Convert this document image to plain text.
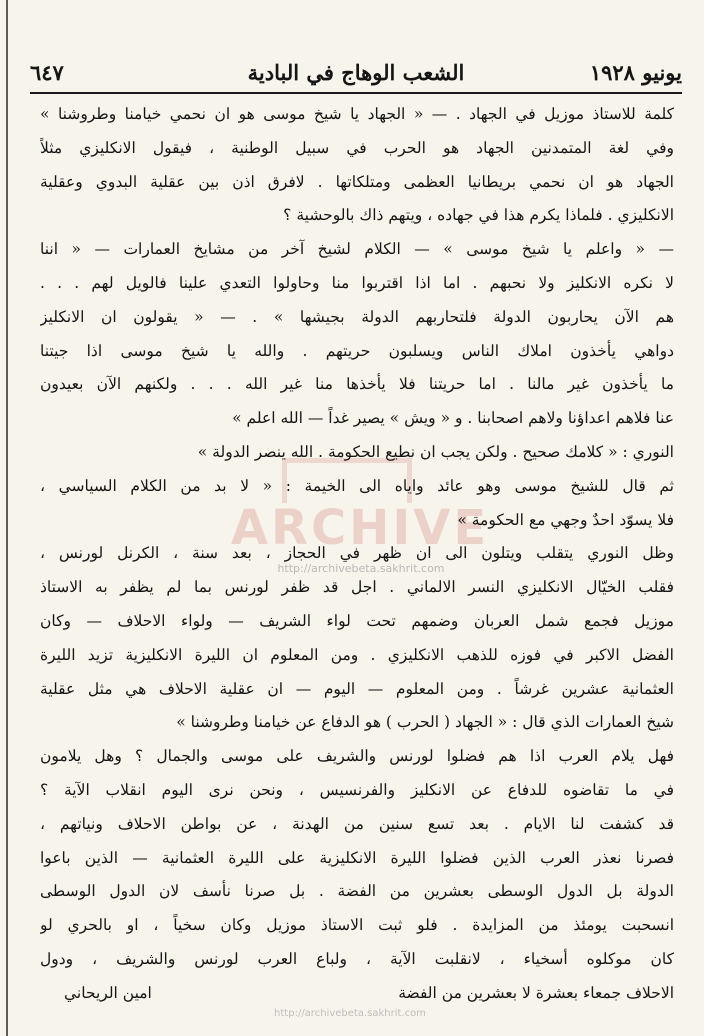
يونيو ١٩٢٨
الشعب الوهاج في البادية
٦٤٧
ARCHIVE
http://archivebeta.sakhrit.com
كلمة للاستاذ موزيل في الجهاد . — « الجهاد يا شيخ موسى هو ان نحمي خيامنا وطروشنا »
وفي لغة المتمدنين الجهاد هو الحرب في سبيل الوطنية ، فيقول الانكليزي مثلاً
الجهاد هو ان نحمي بريطانيا العظمى ومتلكاتها . لافرق اذن بين عقلية البدوي وعقلية
الانكليزي . فلماذا يكرم هذا في جهاده ، ويتهم ذاك بالوحشية ؟
— « واعلم يا شيخ موسى » — الكلام لشيخ آخر من مشايخ العمارات — « اننا
لا نكره الانكليز ولا نحبهم . اما اذا اقتربوا منا وحاولوا التعدي علينا فالويل لهم . . .
هم الآن يحاربون الدولة فلتحاربهم الدولة بجيشها » . — « يقولون ان الانكليز
دواهي يأخذون املاك الناس ويسلبون حريتهم . والله يا شيخ موسى اذا جيتنا
ما يأخذون غير مالنا . اما حريتنا فلا يأخذها منا غير الله . . . ولكنهم الآن بعيدون
عنا فلاهم اعداؤنا ولاهم اصحابنا . و « ويش » يصير غداً — الله اعلم »
النوري : « كلامك صحيح . ولكن يجب ان نطيع الحكومة . الله ينصر الدولة »
ثم قال للشيخ موسى وهو عائد واياه الى الخيمة : « لا بد من الكلام السياسي ،
فلا يسوّد احدٌ وجهي مع الحكومة »
وظل النوري يتقلب ويتلون الى ان ظهر في الحجاز ، بعد سنة ، الكرنل لورنس ،
فقلب الخيّال الانكليزي النسر الالماني . اجل قد ظفر لورنس بما لم يظفر به الاستاذ
موزيل فجمع شمل العربان وضمهم تحت لواء الشريف — ولواء الاحلاف — وكان
الفضل الاكبر في فوزه للذهب الانكليزي . ومن المعلوم ان الليرة الانكليزية تزيد الليرة
العثمانية عشرين غرشاً . ومن المعلوم — اليوم — ان عقلية الاحلاف هي مثل عقلية
شيخ العمارات الذي قال : « الجهاد ( الحرب ) هو الدفاع عن خيامنا وطروشنا »
فهل يلام العرب اذا هم فضلوا لورنس والشريف على موسى والجمال ؟ وهل يلامون
في ما تقاضوه للدفاع عن الانكليز والفرنسيس ، ونحن نرى اليوم انقلاب الآية ؟
قد كشفت لنا الايام . بعد تسع سنين من الهدنة ، عن بواطن الاحلاف ونياتهم ،
فصرنا نعذر العرب الذين فضلوا الليرة الانكليزية على الليرة العثمانية — الذين باعوا
الدولة بل الدول الوسطى بعشرين من الفضة . بل صرنا نأسف لان الدول الوسطى
انسحبت يومئذ من المزايدة . فلو ثبت الاستاذ موزيل وكان سخياً ، او بالحري لو
كان موكلوه أسخياء ، لانقلبت الآية ، ولباع العرب لورنس والشريف ، ودول
الاحلاف جمعاء بعشرة لا بعشرين من الفضة
امين الريحاني
http://archivebeta.sakhrit.com
